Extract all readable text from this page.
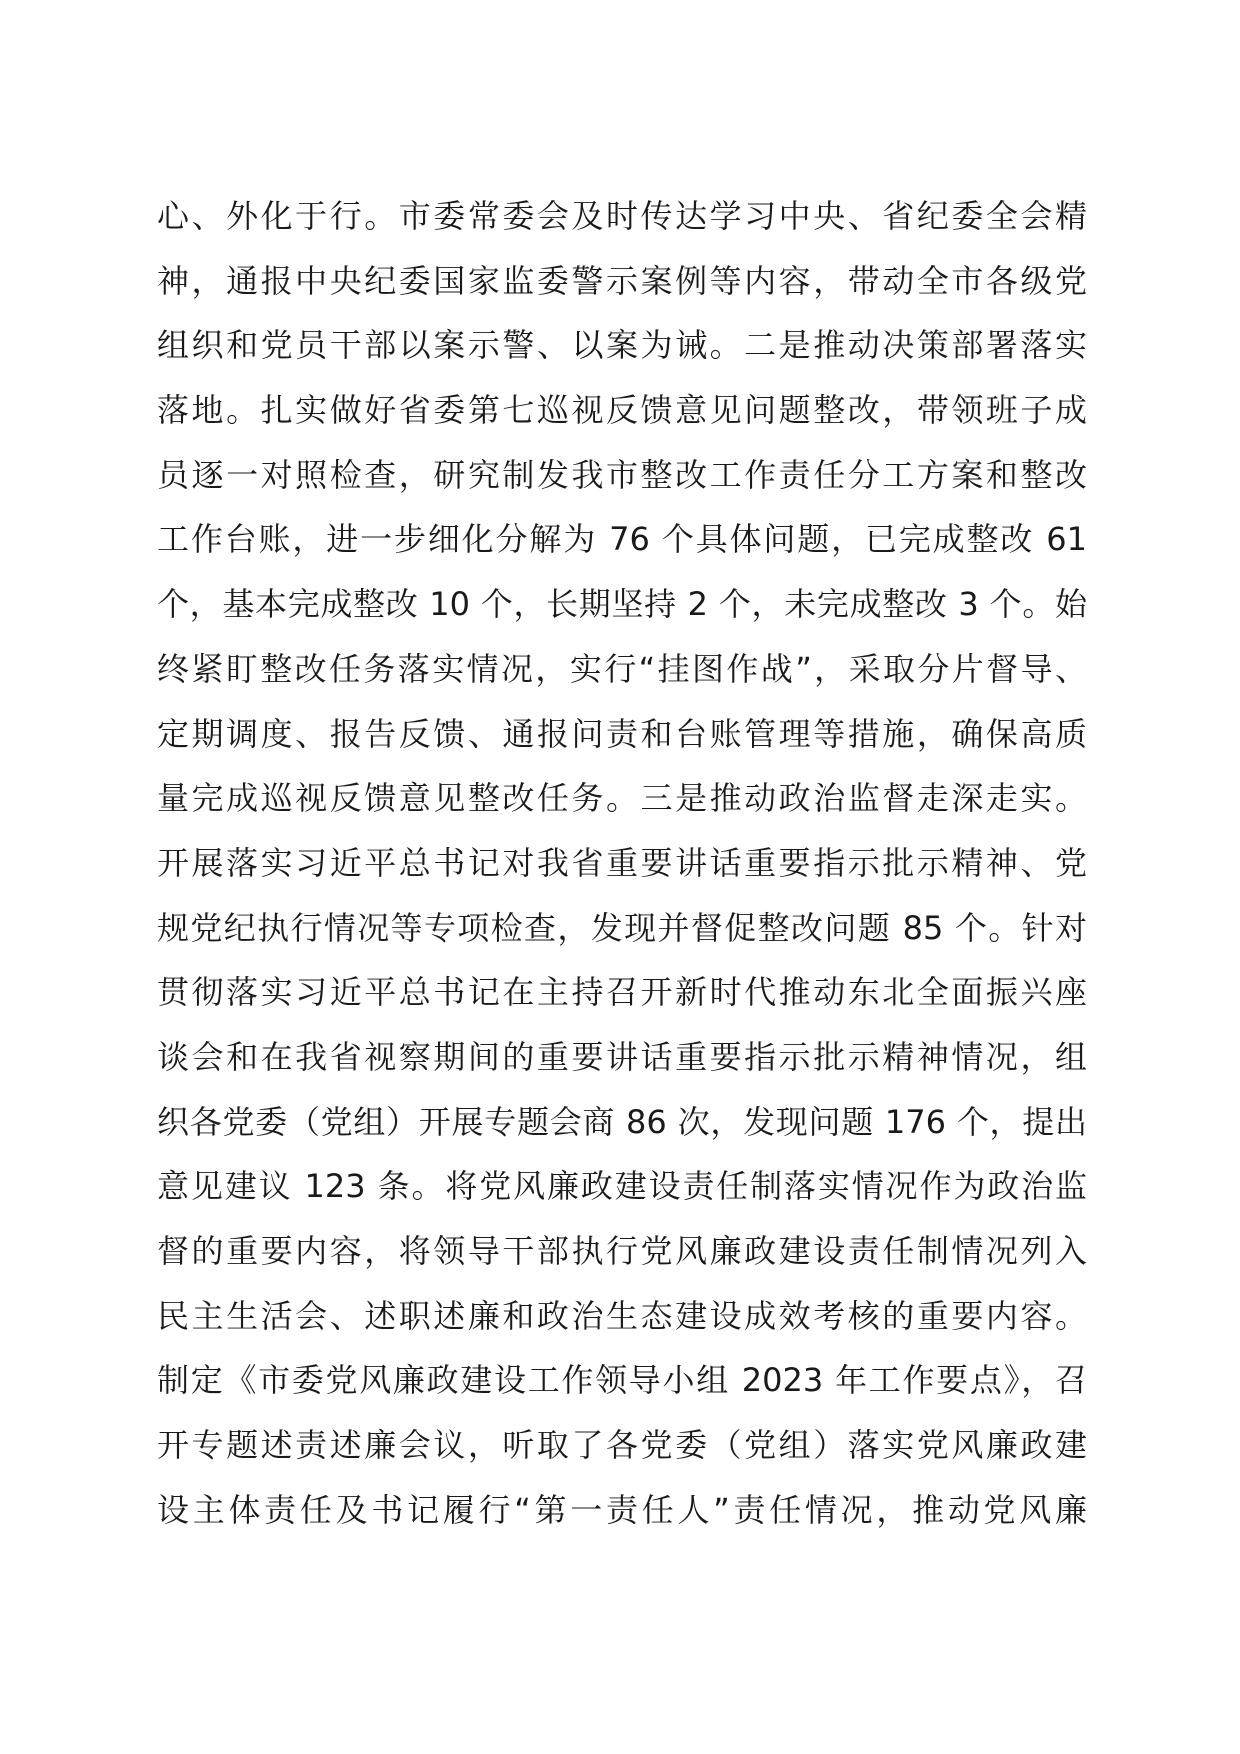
心、外化于行。市委常委会及时传达学习中央、省纪委全会精
神，通报中央纪委国家监委警示案例等内容，带动全市各级党
组织和党员干部以案示警、以案为诫。二是推动决策部署落实
落地。扎实做好省委第七巡视反馈意见问题整改，带领班子成
员逐一对照检查，研究制发我市整改工作责任分工方案和整改
工作台账，进一步细化分解为 76 个具体问题，已完成整改 61
个，基本完成整改 10 个，长期坚持 2 个，未完成整改 3 个。始
终紧盯整改任务落实情况，实行“挂图作战”，采取分片督导、
定期调度、报告反馈、通报问责和台账管理等措施，确保高质
量完成巡视反馈意见整改任务。三是推动政治监督走深走实。
开展落实习近平总书记对我省重要讲话重要指示批示精神、党
规党纪执行情况等专项检查，发现并督促整改问题 85 个。针对
贯彻落实习近平总书记在主持召开新时代推动东北全面振兴座
谈会和在我省视察期间的重要讲话重要指示批示精神情况，组
织各党委（党组）开展专题会商 86 次，发现问题 176 个，提出
意见建议 123 条。将党风廉政建设责任制落实情况作为政治监
督的重要内容，将领导干部执行党风廉政建设责任制情况列入
民主生活会、述职述廉和政治生态建设成效考核的重要内容。
制定《市委党风廉政建设工作领导小组 2023 年工作要点》，召
开专题述责述廉会议，听取了各党委（党组）落实党风廉政建
设主体责任及书记履行“第一责任人”责任情况，推动党风廉
